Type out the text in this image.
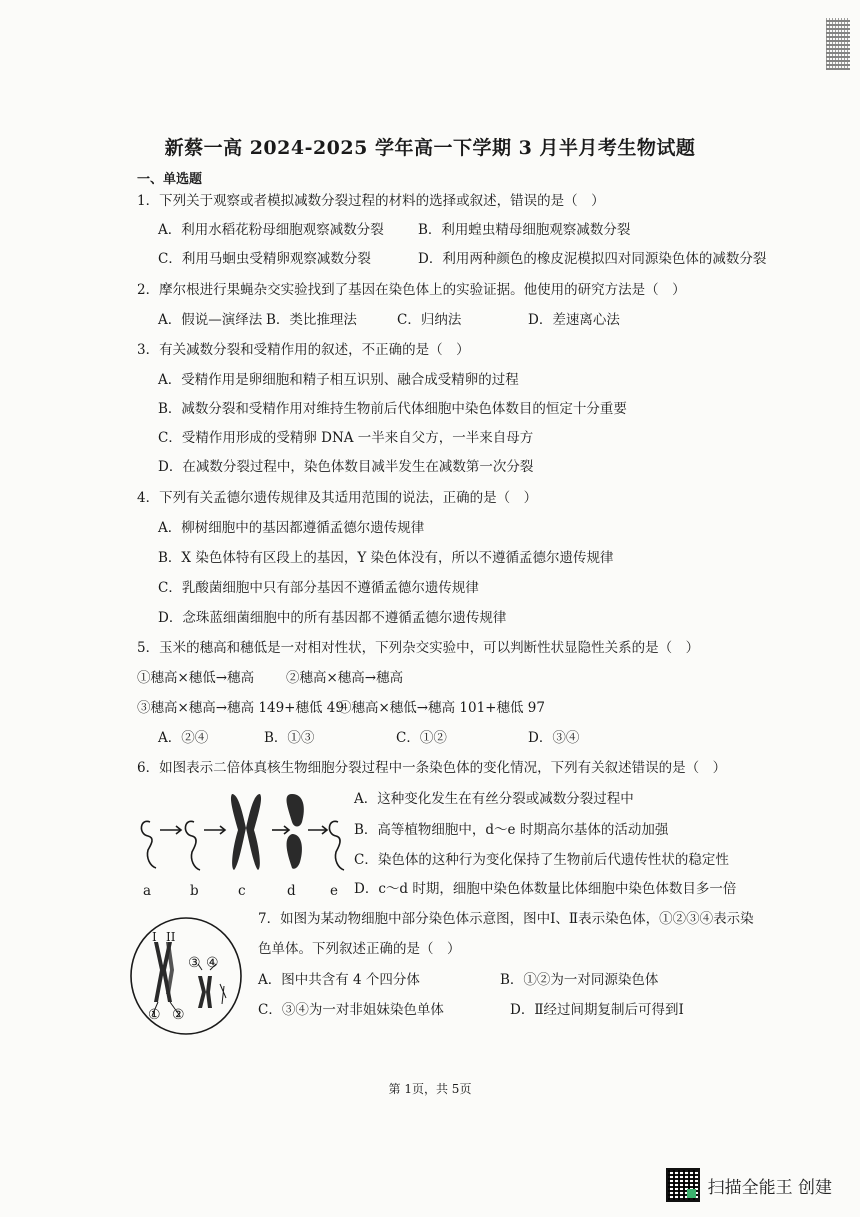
新蔡一高 2024-2025 学年高一下学期 3 月半月考生物试题
一、单选题
1．下列关于观察或者模拟减数分裂过程的材料的选择或叙述，错误的是（　）
A．利用水稻花粉母细胞观察减数分裂	B．利用蝗虫精母细胞观察减数分裂
C．利用马蛔虫受精卵观察减数分裂	D．利用两种颜色的橡皮泥模拟四对同源染色体的减数分裂
2．摩尔根进行果蝇杂交实验找到了基因在染色体上的实验证据。他使用的研究方法是（　）
A．假说—演绎法 B．类比推理法	C．归纳法	D．差速离心法
3．有关减数分裂和受精作用的叙述，不正确的是（　）
A．受精作用是卵细胞和精子相互识别、融合成受精卵的过程
B．减数分裂和受精作用对维持生物前后代体细胞中染色体数目的恒定十分重要
C．受精作用形成的受精卵 DNA 一半来自父方，一半来自母方
D．在减数分裂过程中，染色体数目减半发生在减数第一次分裂
4．下列有关孟德尔遗传规律及其适用范围的说法，正确的是（　）
A．柳树细胞中的基因都遵循孟德尔遗传规律
B．X 染色体特有区段上的基因，Y 染色体没有，所以不遵循孟德尔遗传规律
C．乳酸菌细胞中只有部分基因不遵循孟德尔遗传规律
D．念珠蓝细菌细胞中的所有基因都不遵循孟德尔遗传规律
5．玉米的穗高和穗低是一对相对性状，下列杂交实验中，可以判断性状显隐性关系的是（　）
①穗高×穗低→穗高 ②穗高×穗高→穗高
③穗高×穗高→穗高 149+穗低 49
④穗高×穗低→穗高 101+穗低 97
A．②④	B．①③	C．①②	D．③④
6．如图表示二倍体真核生物细胞分裂过程中一条染色体的变化情况，下列有关叙述错误的是（　）
a	b	c	d	e
A．这种变化发生在有丝分裂或减数分裂过程中
B．高等植物细胞中，d～e 时期高尔基体的活动加强
C．染色体的这种行为变化保持了生物前后代遗传性状的稳定性
D．c～d 时期，细胞中染色体数量比体细胞中染色体数目多一倍
I II
③ ④
① ②
7．如图为某动物细胞中部分染色体示意图，图中Ⅰ、Ⅱ表示染色体，①②③④表示染
色单体。下列叙述正确的是（　）
A．图中共含有 4 个四分体	B．①②为一对同源染色体
C．③④为一对非姐妹染色单体	D．Ⅱ经过间期复制后可得到Ⅰ
第 1页，共 5页
扫描全能王 创建
